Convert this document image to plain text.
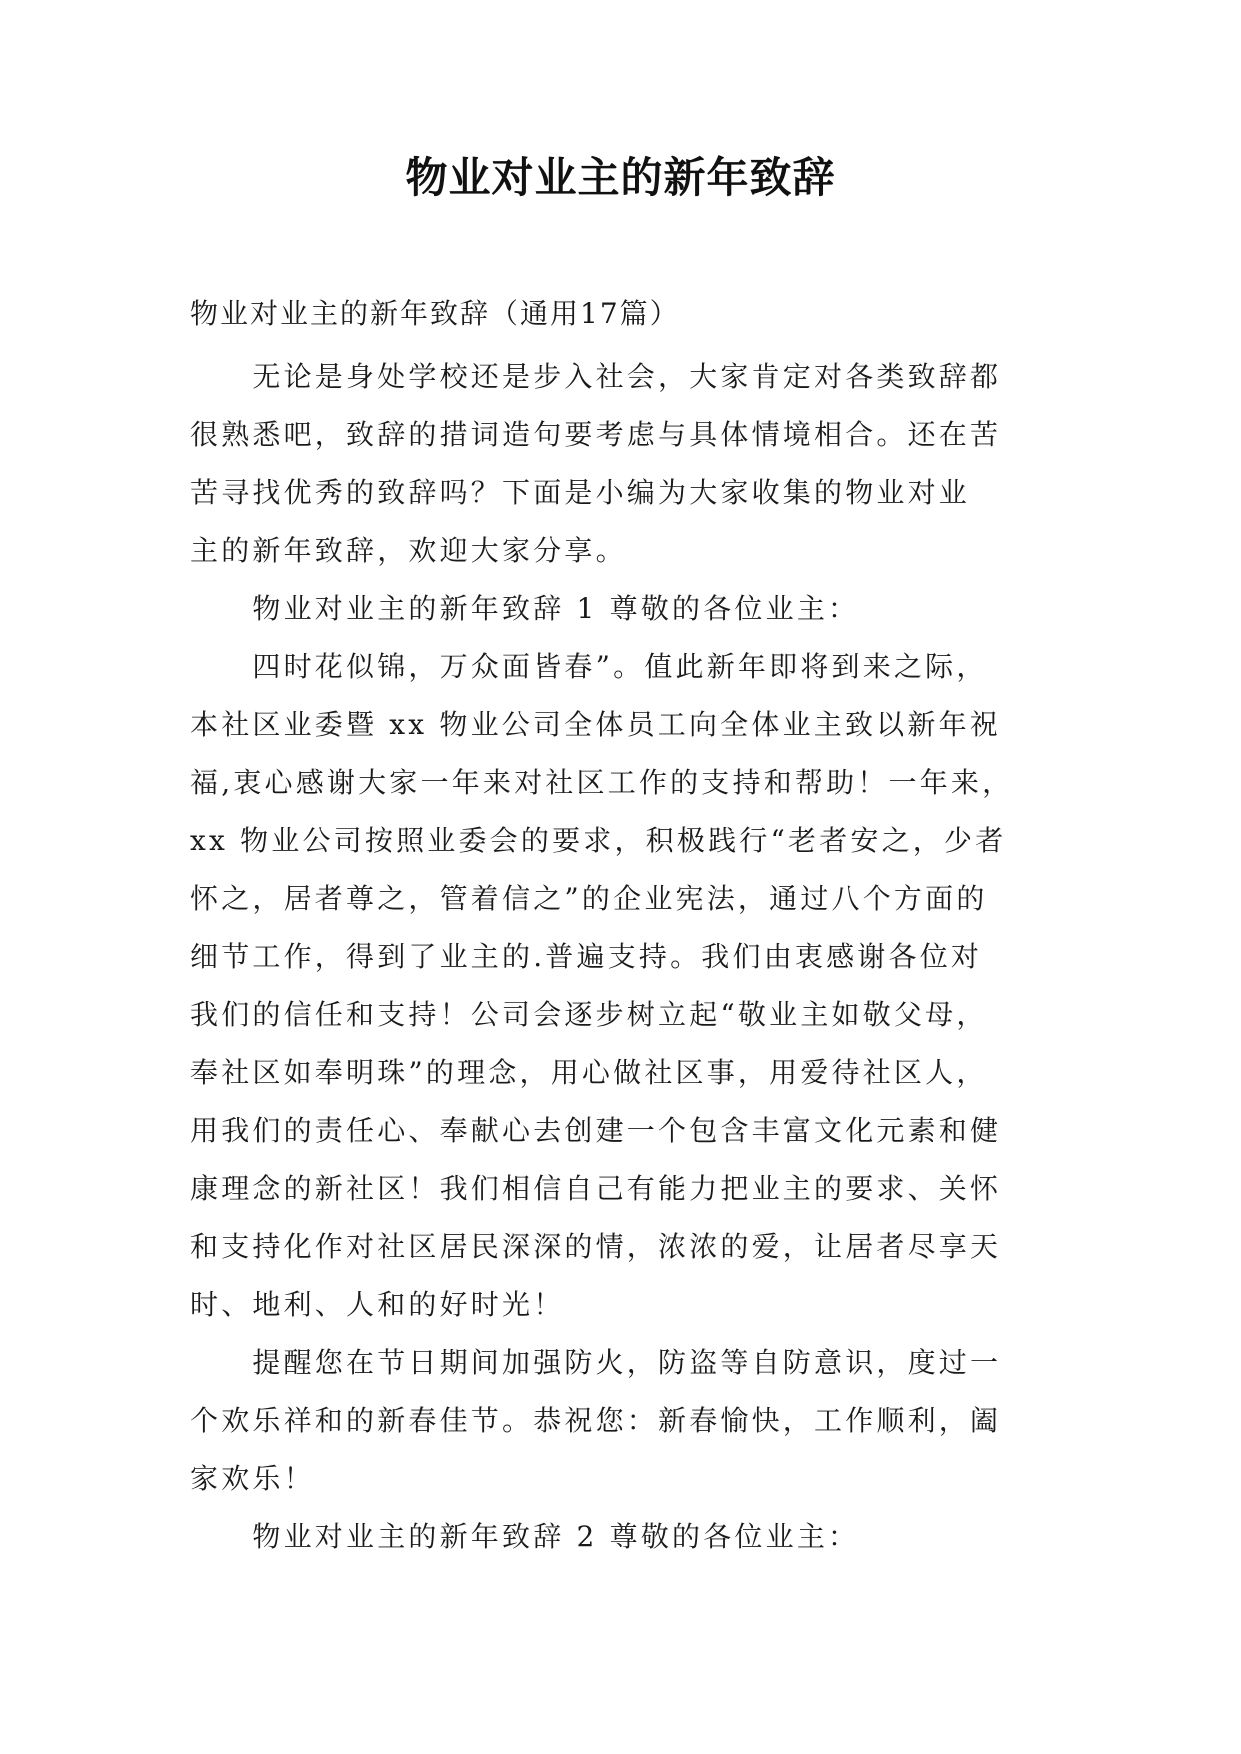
物业对业主的新年致辞
物业对业主的新年致辞（通用17篇）

　　无论是身处学校还是步入社会，大家肯定对各类致辞都
很熟悉吧，致辞的措词造句要考虑与具体情境相合。还在苦
苦寻找优秀的致辞吗？下面是小编为大家收集的物业对业
主的新年致辞，欢迎大家分享。

　　物业对业主的新年致辞 1 尊敬的各位业主：

　　四时花似锦，万众面皆春”。值此新年即将到来之际，
本社区业委暨 xx 物业公司全体员工向全体业主致以新年祝
福,衷心感谢大家一年来对社区工作的支持和帮助！一年来，
xx 物业公司按照业委会的要求，积极践行“老者安之，少者
怀之，居者尊之，管着信之”的企业宪法，通过八个方面的
细节工作，得到了业主的.普遍支持。我们由衷感谢各位对
我们的信任和支持！公司会逐步树立起“敬业主如敬父母，
奉社区如奉明珠”的理念，用心做社区事，用爱待社区人，
用我们的责任心、奉献心去创建一个包含丰富文化元素和健
康理念的新社区！我们相信自己有能力把业主的要求、关怀
和支持化作对社区居民深深的情，浓浓的爱，让居者尽享天
时、地利、人和的好时光！

　　提醒您在节日期间加强防火，防盗等自防意识，度过一
个欢乐祥和的新春佳节。恭祝您：新春愉快，工作顺利，阖
家欢乐！

　　物业对业主的新年致辞 2 尊敬的各位业主：
